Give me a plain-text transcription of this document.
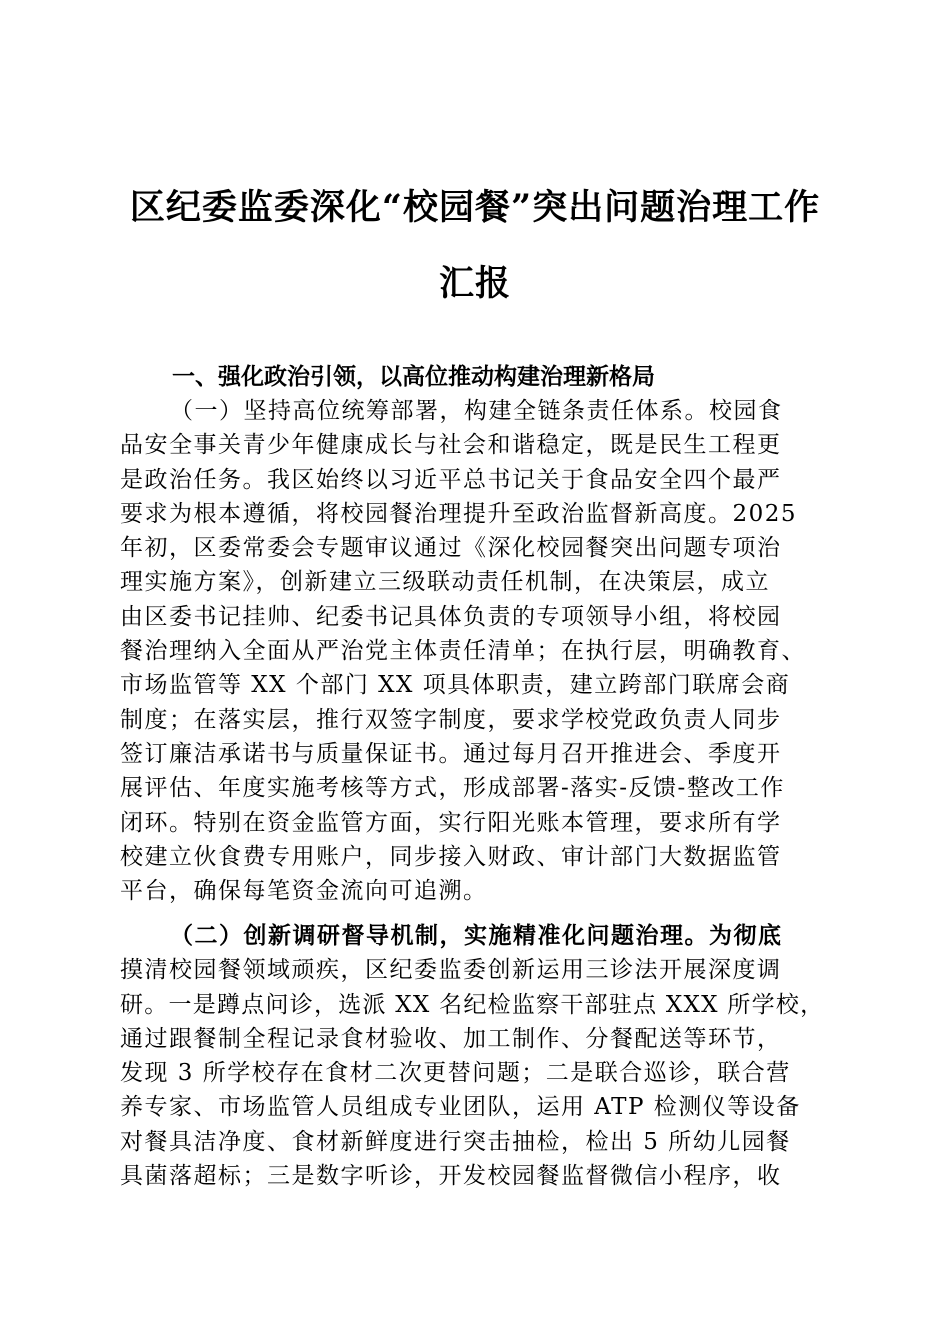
区纪委监委深化“校园餐”突出问题治理工作
汇报
一、强化政治引领，以高位推动构建治理新格局
（一）坚持高位统筹部署，构建全链条责任体系。校园食
品安全事关青少年健康成长与社会和谐稳定，既是民生工程更
是政治任务。我区始终以习近平总书记关于食品安全四个最严
要求为根本遵循，将校园餐治理提升至政治监督新高度。2025
年初，区委常委会专题审议通过《深化校园餐突出问题专项治
理实施方案》，创新建立三级联动责任机制，在决策层，成立
由区委书记挂帅、纪委书记具体负责的专项领导小组，将校园
餐治理纳入全面从严治党主体责任清单；在执行层，明确教育、
市场监管等 XX 个部门 XX 项具体职责，建立跨部门联席会商
制度；在落实层，推行双签字制度，要求学校党政负责人同步
签订廉洁承诺书与质量保证书。通过每月召开推进会、季度开
展评估、年度实施考核等方式，形成部署-落实-反馈-整改工作
闭环。特别在资金监管方面，实行阳光账本管理，要求所有学
校建立伙食费专用账户，同步接入财政、审计部门大数据监管
平台，确保每笔资金流向可追溯。
（二）创新调研督导机制，实施精准化问题治理。为彻底
摸清校园餐领域顽疾，区纪委监委创新运用三诊法开展深度调
研。一是蹲点问诊，选派 XX 名纪检监察干部驻点 XXX 所学校，
通过跟餐制全程记录食材验收、加工制作、分餐配送等环节，
发现 3 所学校存在食材二次更替问题；二是联合巡诊，联合营
养专家、市场监管人员组成专业团队，运用 ATP 检测仪等设备
对餐具洁净度、食材新鲜度进行突击抽检，检出 5 所幼儿园餐
具菌落超标；三是数字听诊，开发校园餐监督微信小程序，收
